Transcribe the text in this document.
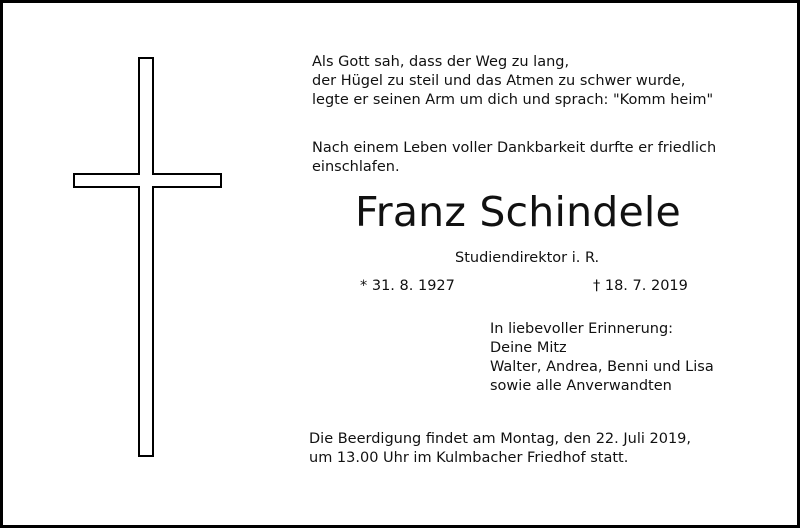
Als Gott sah, dass der Weg zu lang,
der Hügel zu steil und das Atmen zu schwer wurde,
legte er seinen Arm um dich und sprach: "Komm heim"
Nach einem Leben voller Dankbarkeit durfte er friedlich
einschlafen.
Franz Schindele
Studiendirektor i. R.
* 31. 8. 1927	† 18. 7. 2019
In liebevoller Erinnerung:
Deine Mitz
Walter, Andrea, Benni und Lisa
sowie alle Anverwandten
Die Beerdigung findet am Montag, den 22. Juli 2019,
um 13.00 Uhr im Kulmbacher Friedhof statt.
